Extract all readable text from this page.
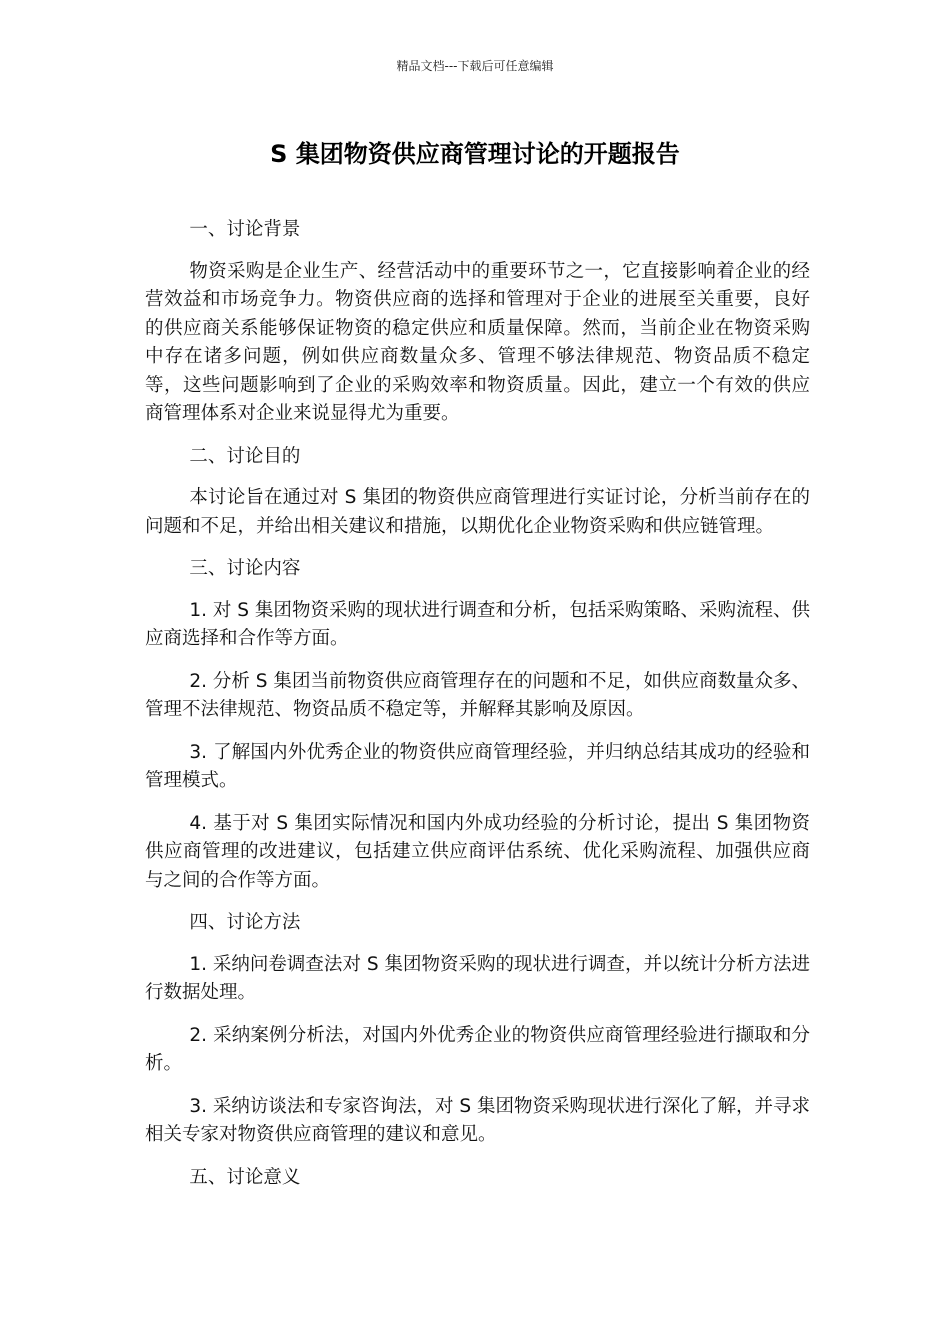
精品文档---下载后可任意编辑
S 集团物资供应商管理讨论的开题报告

一、讨论背景

物资采购是企业生产、经营活动中的重要环节之一，它直接影响着企业的经营效益和市场竞争力。物资供应商的选择和管理对于企业的进展至关重要，良好的供应商关系能够保证物资的稳定供应和质量保障。然而，当前企业在物资采购中存在诸多问题，例如供应商数量众多、管理不够法律规范、物资品质不稳定等，这些问题影响到了企业的采购效率和物资质量。因此，建立一个有效的供应商管理体系对企业来说显得尤为重要。

二、讨论目的

本讨论旨在通过对 S 集团的物资供应商管理进行实证讨论，分析当前存在的问题和不足，并给出相关建议和措施，以期优化企业物资采购和供应链管理。

三、讨论内容

1. 对 S 集团物资采购的现状进行调查和分析，包括采购策略、采购流程、供应商选择和合作等方面。

2. 分析 S 集团当前物资供应商管理存在的问题和不足，如供应商数量众多、管理不法律规范、物资品质不稳定等，并解释其影响及原因。

3. 了解国内外优秀企业的物资供应商管理经验，并归纳总结其成功的经验和管理模式。

4. 基于对 S 集团实际情况和国内外成功经验的分析讨论，提出 S 集团物资供应商管理的改进建议，包括建立供应商评估系统、优化采购流程、加强供应商与之间的合作等方面。

四、讨论方法

1. 采纳问卷调查法对 S 集团物资采购的现状进行调查，并以统计分析方法进行数据处理。

2. 采纳案例分析法，对国内外优秀企业的物资供应商管理经验进行撷取和分析。

3. 采纳访谈法和专家咨询法，对 S 集团物资采购现状进行深化了解，并寻求相关专家对物资供应商管理的建议和意见。

五、讨论意义
